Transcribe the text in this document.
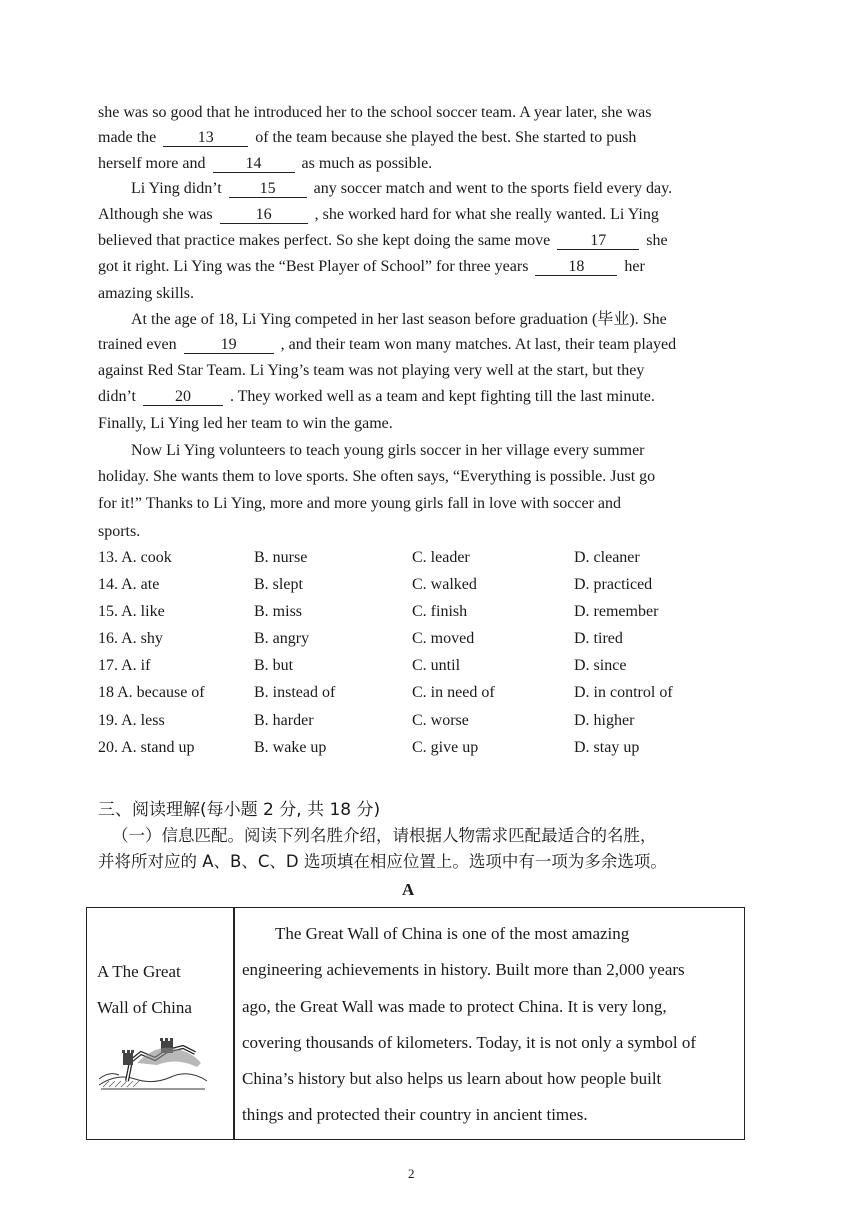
she was so good that he introduced her to the school soccer team. A year later, she was
made the	13	of the team because she played the best. She started to push
herself more and	14	as much as possible.
Li Ying didn’t 15 any soccer match and went to the sports field every day.
Although she was	16	, she worked hard for what she really wanted. Li Ying
believed that practice makes perfect. So she kept doing the same move	17	she
got it right. Li Ying was the “Best Player of School” for three years	18	her
amazing skills.
At the age of 18, Li Ying competed in her last season before graduation (毕业). She
trained even	19	, and their team won many matches. At last, their team played
against Red Star Team. Li Ying’s team was not playing very well at the start, but they
didn’t 20 . They worked well as a team and kept fighting till the last minute.
Finally, Li Ying led her team to win the game.
Now Li Ying volunteers to teach young girls soccer in her village every summer
holiday. She wants them to love sports. She often says, “Everything is possible. Just go
for it!” Thanks to Li Ying, more and more young girls fall in love with soccer and
sports.
13. A. cook	B. nurse	C. leader	D. cleaner
14. A. ate	B. slept	C. walked	D. practiced
15. A. like	B. miss	C. finish	D. remember
16. A. shy	B. angry	C. moved	D. tired
17. A. if	B. but	C. until	D. since
18 A. because of	B. instead of	C. in need of	D. in control of
19. A. less	B. harder	C. worse	D. higher
20. A. stand up	B. wake up	C. give up	D. stay up
三、阅读理解(每小题 2 分, 共 18 分)
（一）信息匹配。阅读下列名胜介绍，请根据人物需求匹配最适合的名胜，
并将所对应的 A、B、C、D 选项填在相应位置上。选项中有一项为多余选项。
A
A The Great
Wall of China
The Great Wall of China is one of the most amazing
engineering achievements in history. Built more than 2,000 years
ago, the Great Wall was made to protect China. It is very long,
covering thousands of kilometers. Today, it is not only a symbol of
China’s history but also helps us learn about how people built
things and protected their country in ancient times.
2
